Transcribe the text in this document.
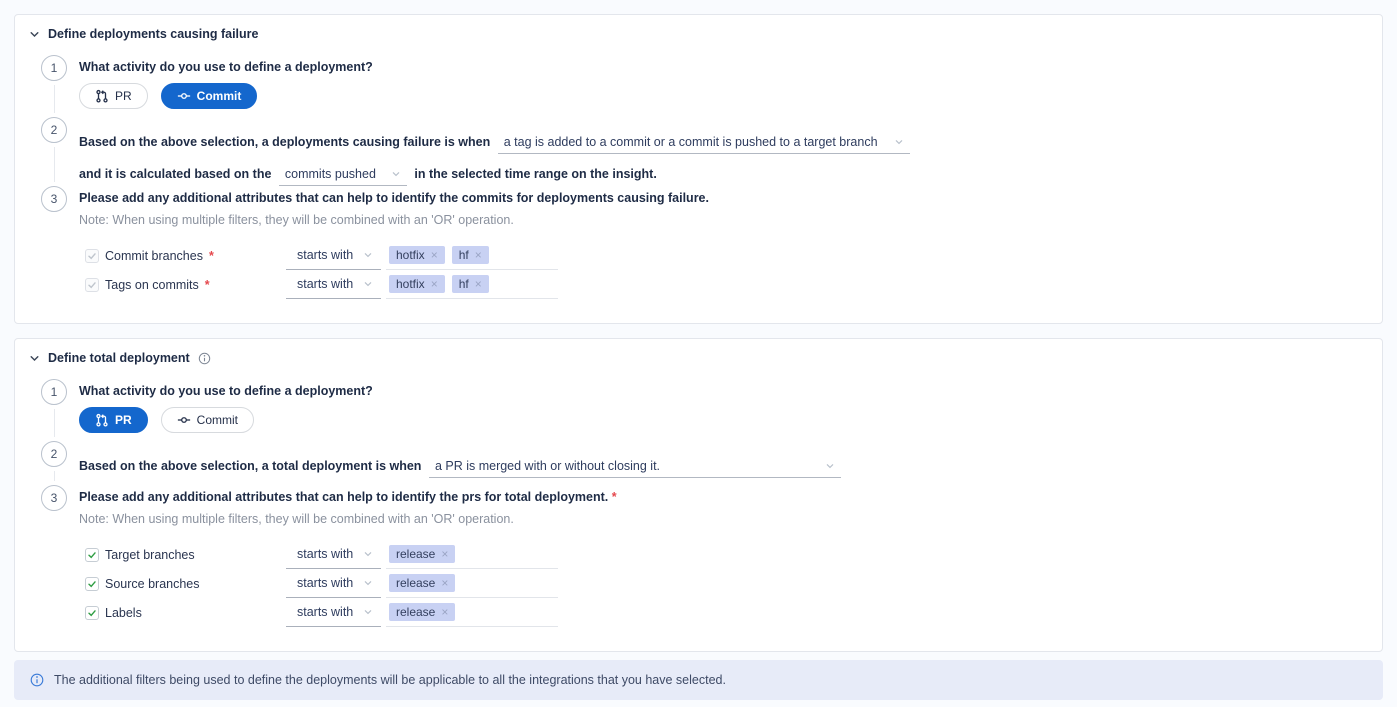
Define deployments causing failure
1	What activity do you use to define a deployment?

PR	Commit
2
Based on the above selection, a deployments causing failure is when a tag is added to a commit or a commit is pushed to a target branch
and it is calculated based on the commits pushed	in the selected time range on the insight.
3	Please add any additional attributes that can help to identify the commits for deployments causing failure.

Note: When using multiple filters, they will be combined with an 'OR' operation.

Commit branches *	starts with	hotfix × hf ×
Tags on commits *	starts with	hotfix × hf ×
Define total deployment
1	What activity do you use to define a deployment?

PR	Commit
2
Based on the above selection, a total deployment is when a PR is merged with or without closing it.
3	Please add any additional attributes that can help to identify the prs for total deployment. *

Note: When using multiple filters, they will be combined with an 'OR' operation.

Target branches	starts with	release ×
Source branches	starts with	release ×
Labels	starts with	release ×
The additional filters being used to define the deployments will be applicable to all the integrations that you have selected.
